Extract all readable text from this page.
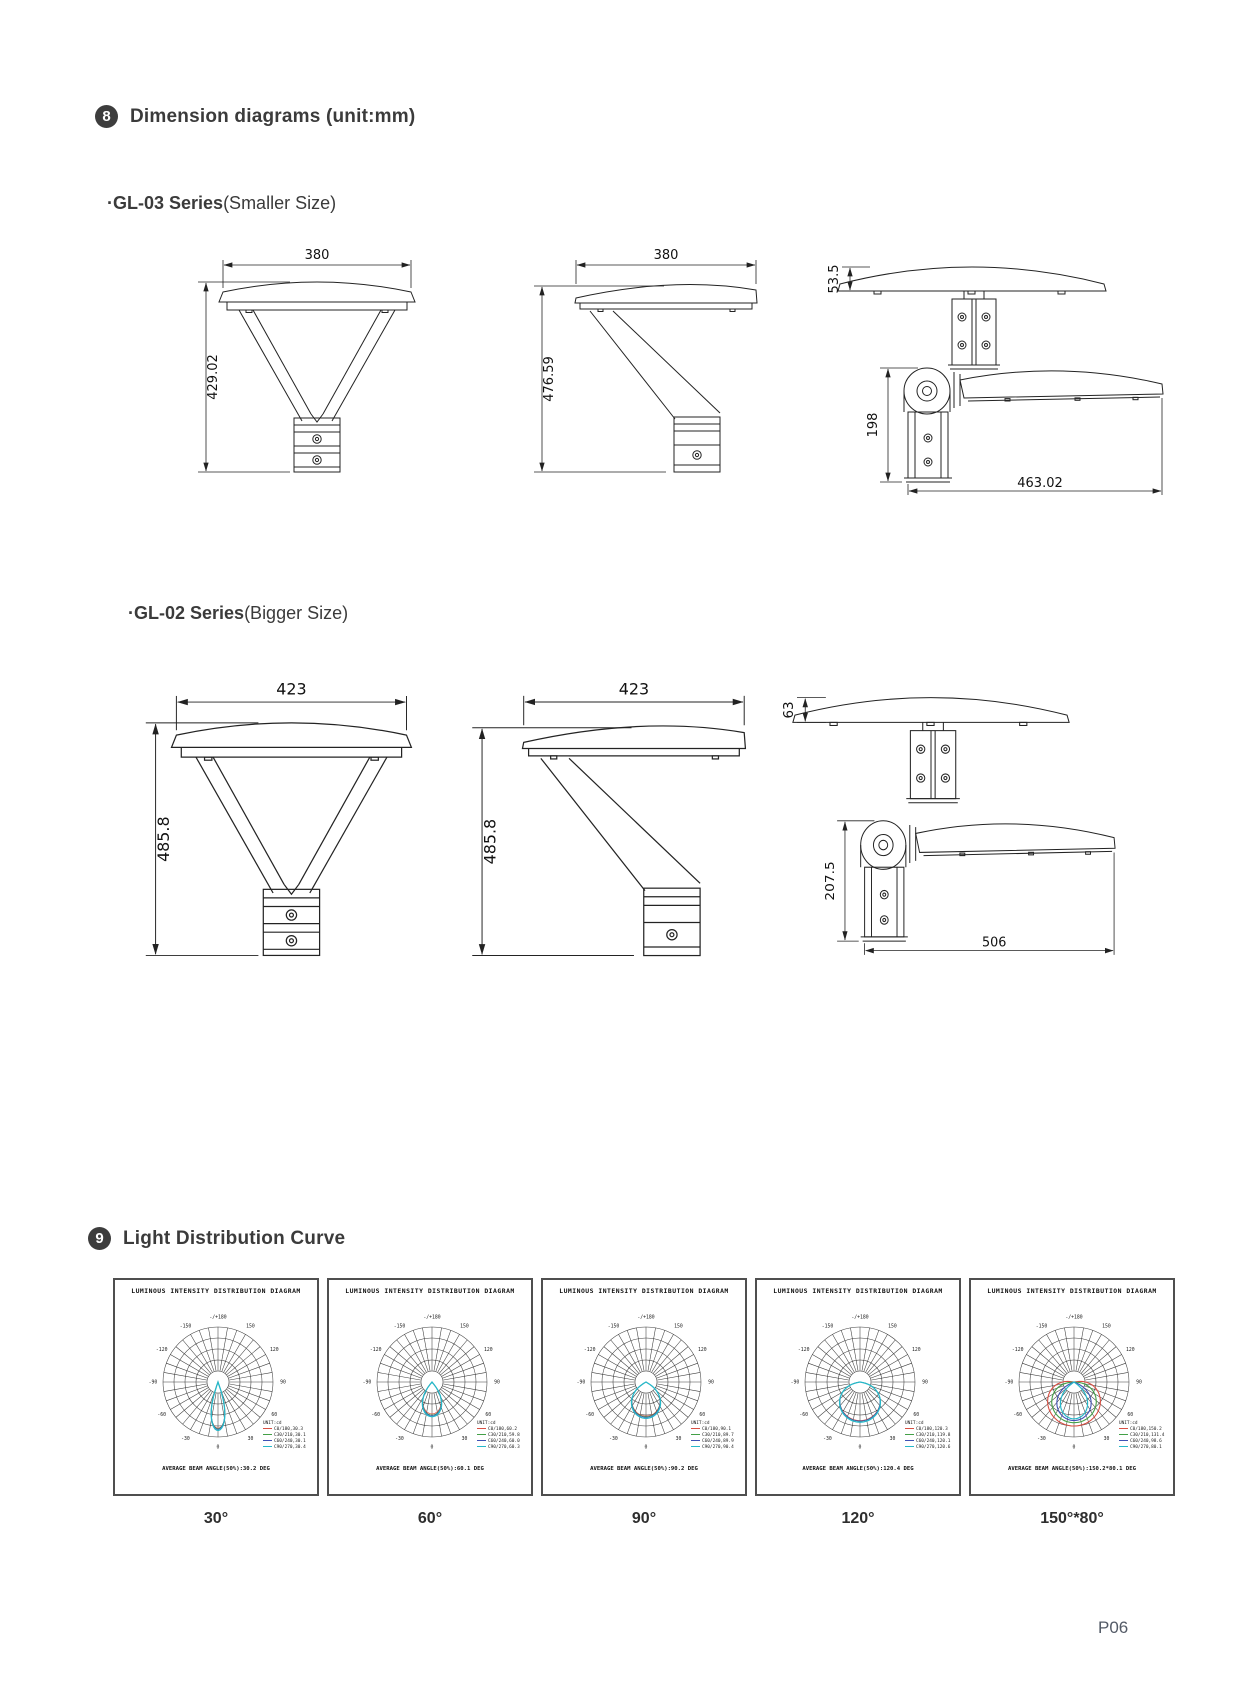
8	Dimension diagrams (unit:mm)
·GL-03 Series(Smaller Size)
380
429.02
380
476.59
53.5
198
463.02
·GL-02 Series(Bigger Size)
423
485.8
423
485.8
63
207.5
506
9	Light Distribution Curve
LUMINOUS INTENSITY DISTRIBUTION DIAGRAM
-/+180
150
120
90
60
30
0
-30
-60
-90
-120
-150
UNIT:cd
C0/180,30.3
C30/210,30.1
C60/240,30.1
C90/270,30.4
AVERAGE BEAM ANGLE(50%):30.2 DEG
LUMINOUS INTENSITY DISTRIBUTION DIAGRAM
-/+180
150
120
90
60
30
0
-30
-60
-90
-120
-150
UNIT:cd
C0/180,60.2
C30/210,59.8
C60/240,60.0
C90/270,60.3
AVERAGE BEAM ANGLE(50%):60.1 DEG
LUMINOUS INTENSITY DISTRIBUTION DIAGRAM
-/+180
150
120
90
60
30
0
-30
-60
-90
-120
-150
UNIT:cd
C0/180,90.1
C30/210,89.7
C60/240,89.9
C90/270,90.4
AVERAGE BEAM ANGLE(50%):90.2 DEG
LUMINOUS INTENSITY DISTRIBUTION DIAGRAM
-/+180
150
120
90
60
30
0
-30
-60
-90
-120
-150
UNIT:cd
C0/180,120.3
C30/210,119.8
C60/240,120.1
C90/270,120.6
AVERAGE BEAM ANGLE(50%):120.4 DEG
LUMINOUS INTENSITY DISTRIBUTION DIAGRAM
-/+180
150
120
90
60
30
0
-30
-60
-90
-120
-150
UNIT:cd
C0/180,150.2
C30/210,131.4
C60/240,98.6
C90/270,80.1
AVERAGE BEAM ANGLE(50%):150.2*80.1 DEG
30°	60°	90°	120°	150°*80°
P06
